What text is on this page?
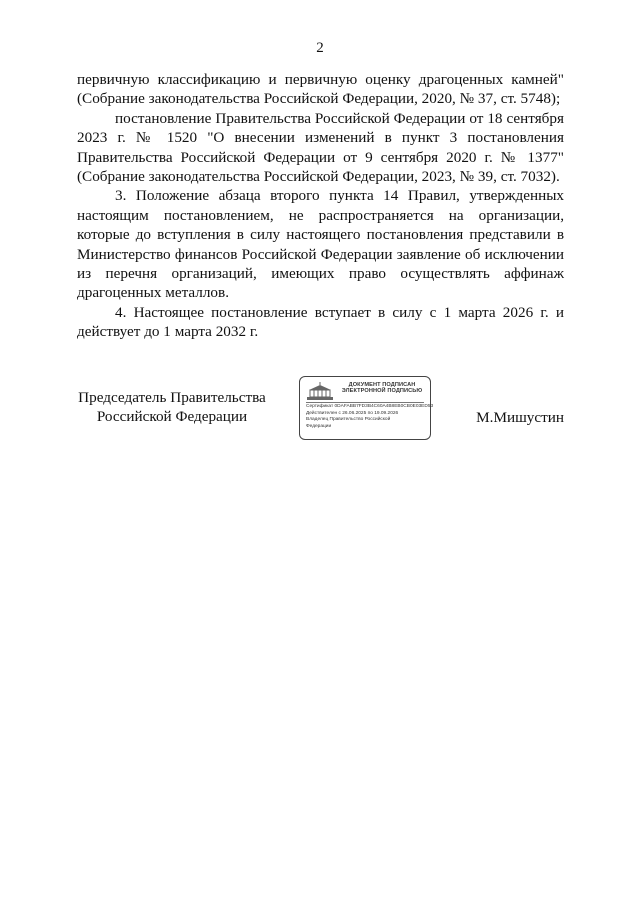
2

первичную классификацию и первичную оценку драгоценных камней" (Собрание законодательства Российской Федерации, 2020, № 37, ст. 5748);

постановление Правительства Российской Федерации от 18 сентября 2023 г. № 1520 "О внесении изменений в пункт 3 постановления Правительства Российской Федерации от 9 сентября 2020 г. № 1377" (Собрание законодательства Российской Федерации, 2023, № 39, ст. 7032).

3. Положение абзаца второго пункта 14 Правил, утвержденных настоящим постановлением, не распространяется на организации, которые до вступления в силу настоящего постановления представили в Министерство финансов Российской Федерации заявление об исключении из перечня организаций, имеющих право осуществлять аффинаж драгоценных металлов.

4. Настоящее постановление вступает в силу с 1 марта 2026 г. и действует до 1 марта 2032 г.

Председатель Правительства
Российской Федерации
ДОКУМЕНТ ПОДПИСАН
ЭЛЕКТРОННОЙ ПОДПИСЬЮ
Сертификат 0DAFABB7FD3B4C60A4B8EB0CB0E03ED53
Действителен с 26.06.2025 по 19.09.2026
Владелец Правительство Российской
Федерации
М.Мишустин
